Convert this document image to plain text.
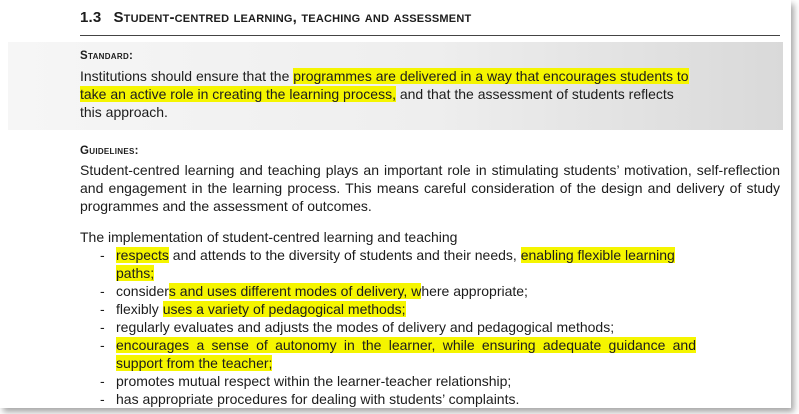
1.3 Student-centred learning, teaching and assessment
Standard:

Institutions should ensure that the programmes are delivered in a way that encourages students to take an active role in creating the learning process, and that the assessment of students reflects this approach.

Guidelines:

Student-centred learning and teaching plays an important role in stimulating students’ motivation, self-reflection and engagement in the learning process. This means careful consideration of the design and delivery of study programmes and the assessment of outcomes.

The implementation of student-centred learning and teaching

- respects and attends to the diversity of students and their needs, enabling flexible learning paths;
- considers and uses different modes of delivery, where appropriate;
- flexibly uses a variety of pedagogical methods;
- regularly evaluates and adjusts the modes of delivery and pedagogical methods;
- encourages a sense of autonomy in the learner, while ensuring adequate guidance and support from the teacher;
- promotes mutual respect within the learner-teacher relationship;
- has appropriate procedures for dealing with students’ complaints.
